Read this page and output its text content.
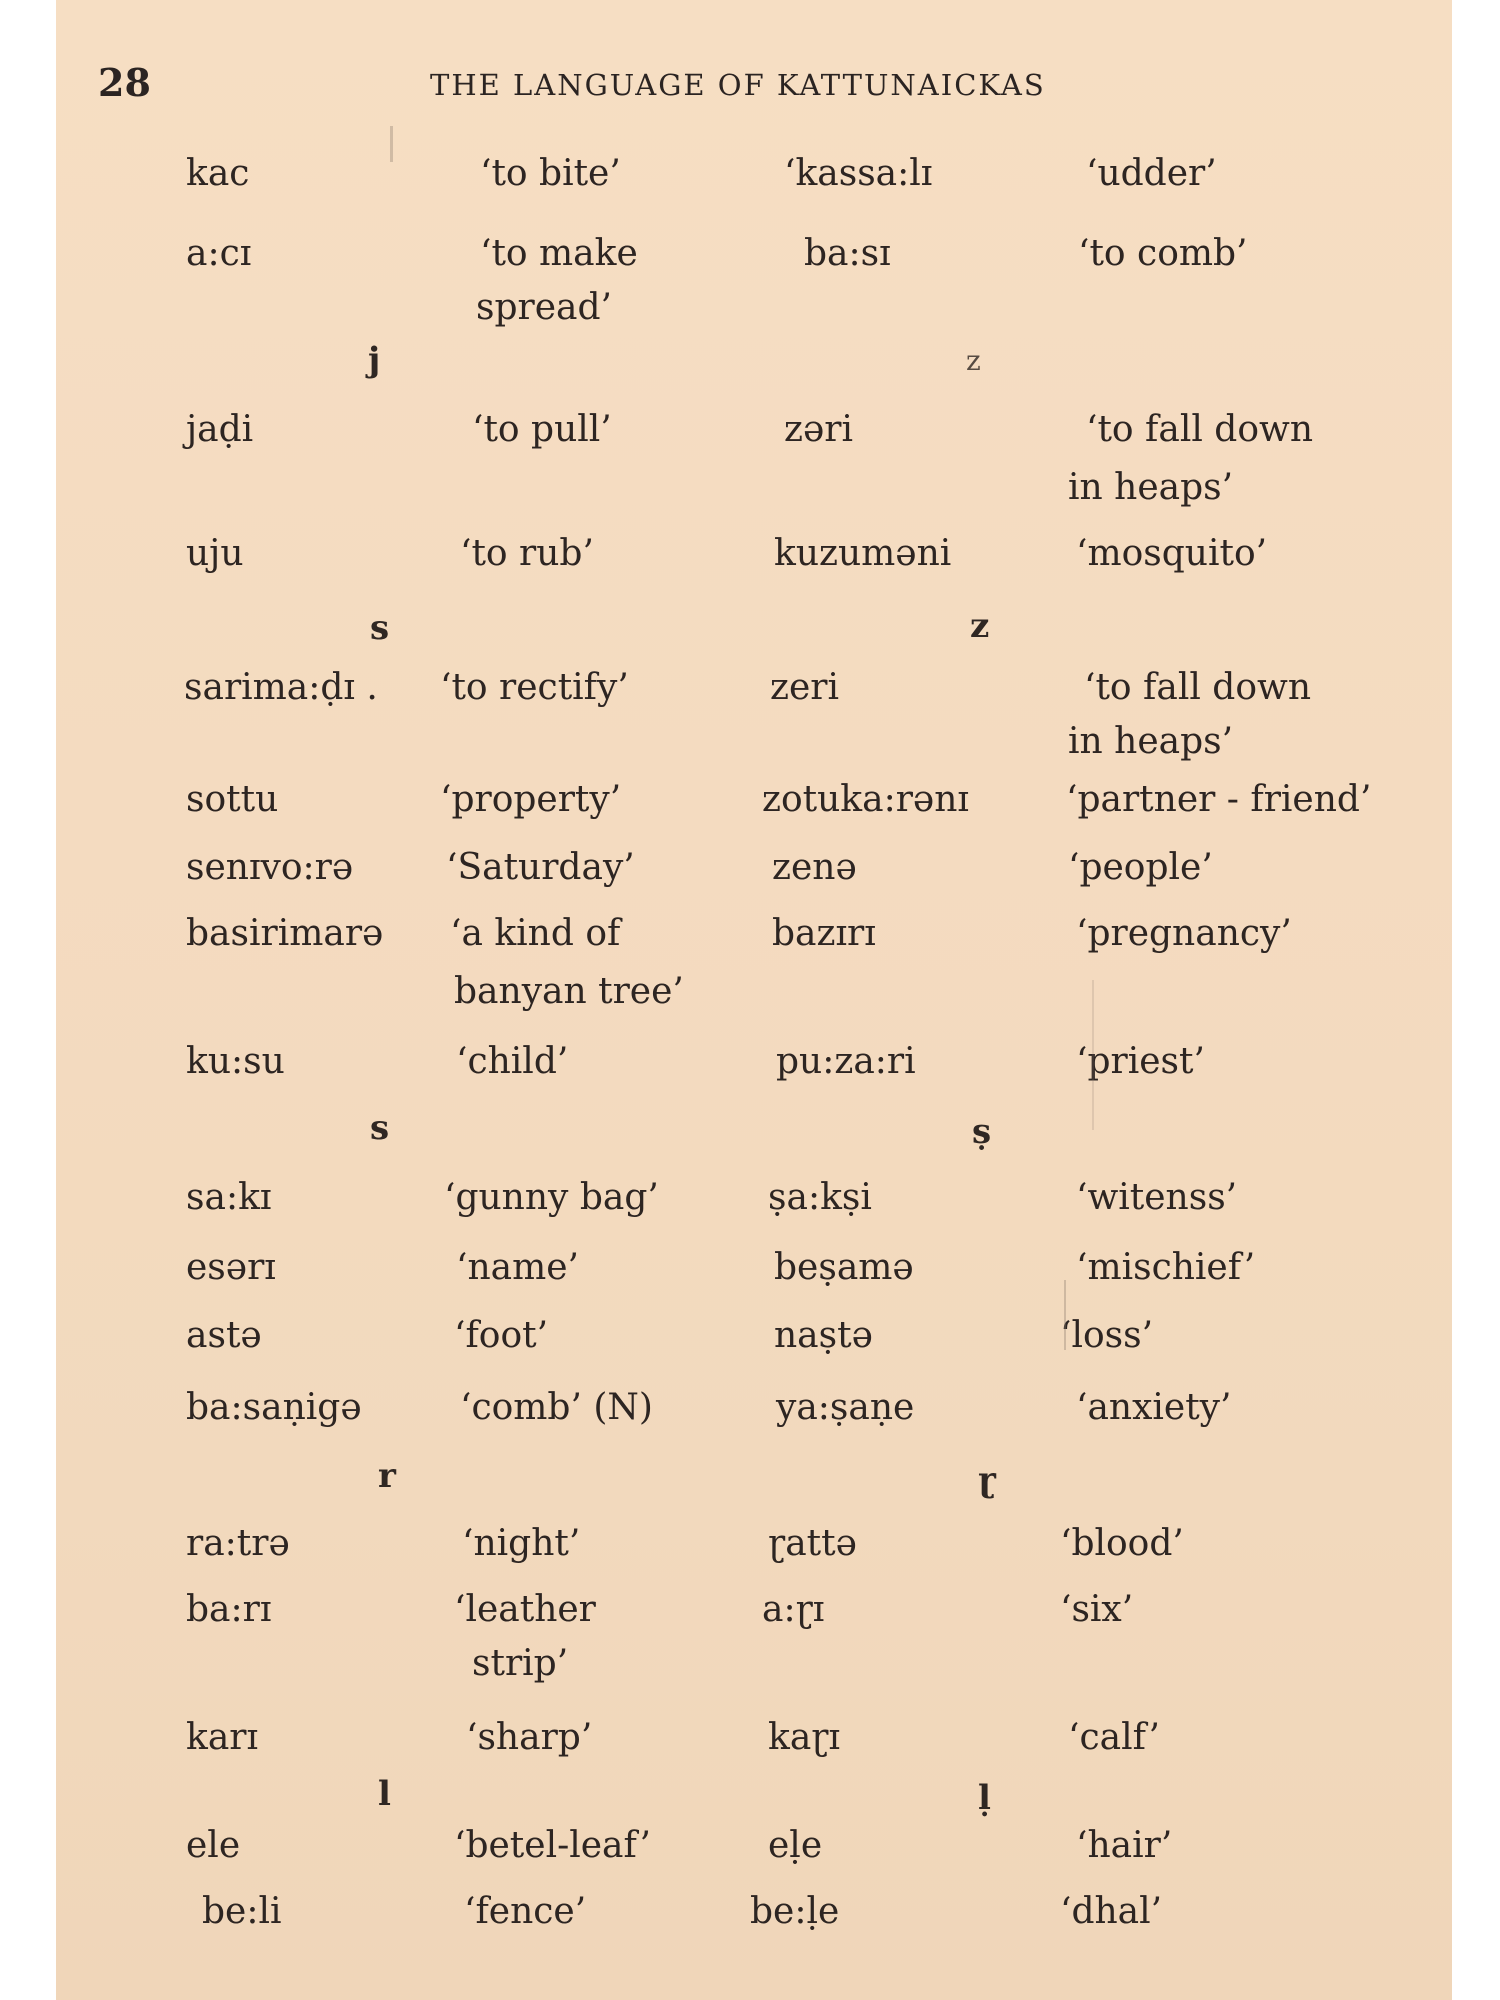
28	THE LANGUAGE OF KATTUNAICKAS
j	z
s	z
s	ṣ
r	ɽ
l	ḷ
kac	‘to bite’	‘kassa:lɪ	‘udder’
a:cɪ	‘to make	ba:sɪ	‘to comb’
spread’
jaḍi	‘to pull’	zəri	‘to fall down
in heaps’
uju	‘to rub’	kuzuməni	‘mosquito’
sarima:ḍɪ . ‘to rectify’	zeri	‘to fall down
in heaps’
sottu	‘property’	zotuka:rənɪ	‘partner - friend’
senɪvo:rə	‘Saturday’	zenə	‘people’
basirimarə ‘a kind of	bazɪrɪ	‘pregnancy’
banyan tree’
ku:su	‘child’	pu:za:ri	‘priest’
sa:kɪ	‘gunny bag’	ṣa:kṣi	‘witenss’
esərɪ	‘name’	beṣamə	‘mischief’
astə	‘foot’	naṣtə	‘loss’
ba:saṇigə	‘comb’ (N)	ya:ṣaṇe	‘anxiety’
ra:trə	‘night’	ɽattə	‘blood’
ba:rɪ	‘leather	a:ɽɪ	‘six’
strip’
karɪ	‘sharp’	kaɽɪ	‘calf’
ele	‘betel-leaf’	eḷe	‘hair’
be:li	‘fence’	be:ḷe	‘dhal’
